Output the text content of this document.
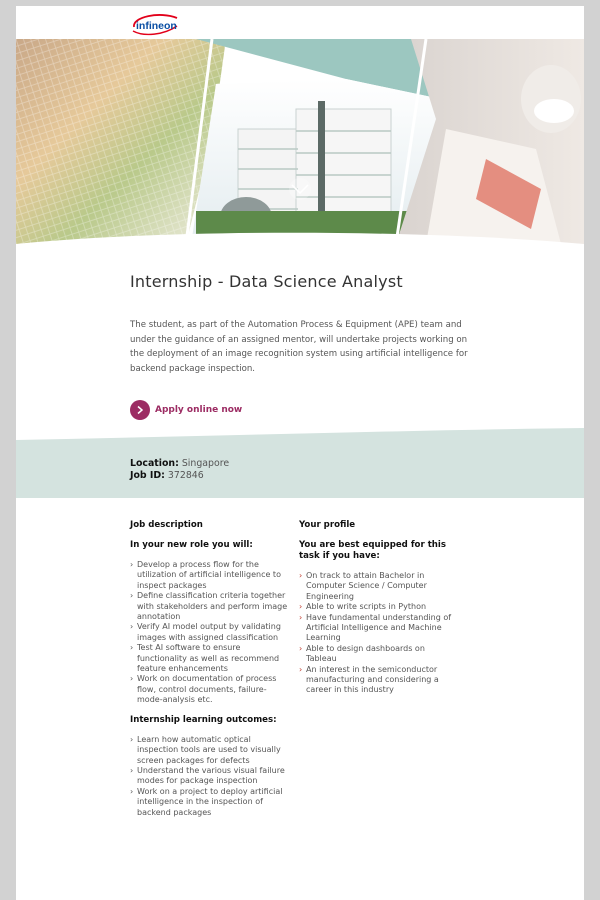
infineon
Internship - Data Science Analyst
The student, as part of the Automation Process & Equipment (APE) team and under the guidance of an assigned mentor, will undertake projects working on the deployment of an image recognition system using artificial intelligence for backend package inspection.
Apply online now
Location: Singapore
Job ID: 372846
Job description
In your new role you will:
› Develop a process flow for the utilization of artificial intelligence to inspect packages
› Define classification criteria together with stakeholders and perform image annotation
› Verify AI model output by validating images with assigned classification
› Test AI software to ensure functionality as well as recommend feature enhancements
› Work on documentation of process flow, control documents, failure-mode-analysis etc.
Internship learning outcomes:
› Learn how automatic optical inspection tools are used to visually screen packages for defects
› Understand the various visual failure modes for package inspection
› Work on a project to deploy artificial intelligence in the inspection of backend packages
Your profile
You are best equipped for this task if you have:
› On track to attain Bachelor in Computer Science / Computer Engineering
› Able to write scripts in Python
› Have fundamental understanding of Artificial Intelligence and Machine Learning
› Able to design dashboards on Tableau
› An interest in the semiconductor manufacturing and considering a career in this industry
